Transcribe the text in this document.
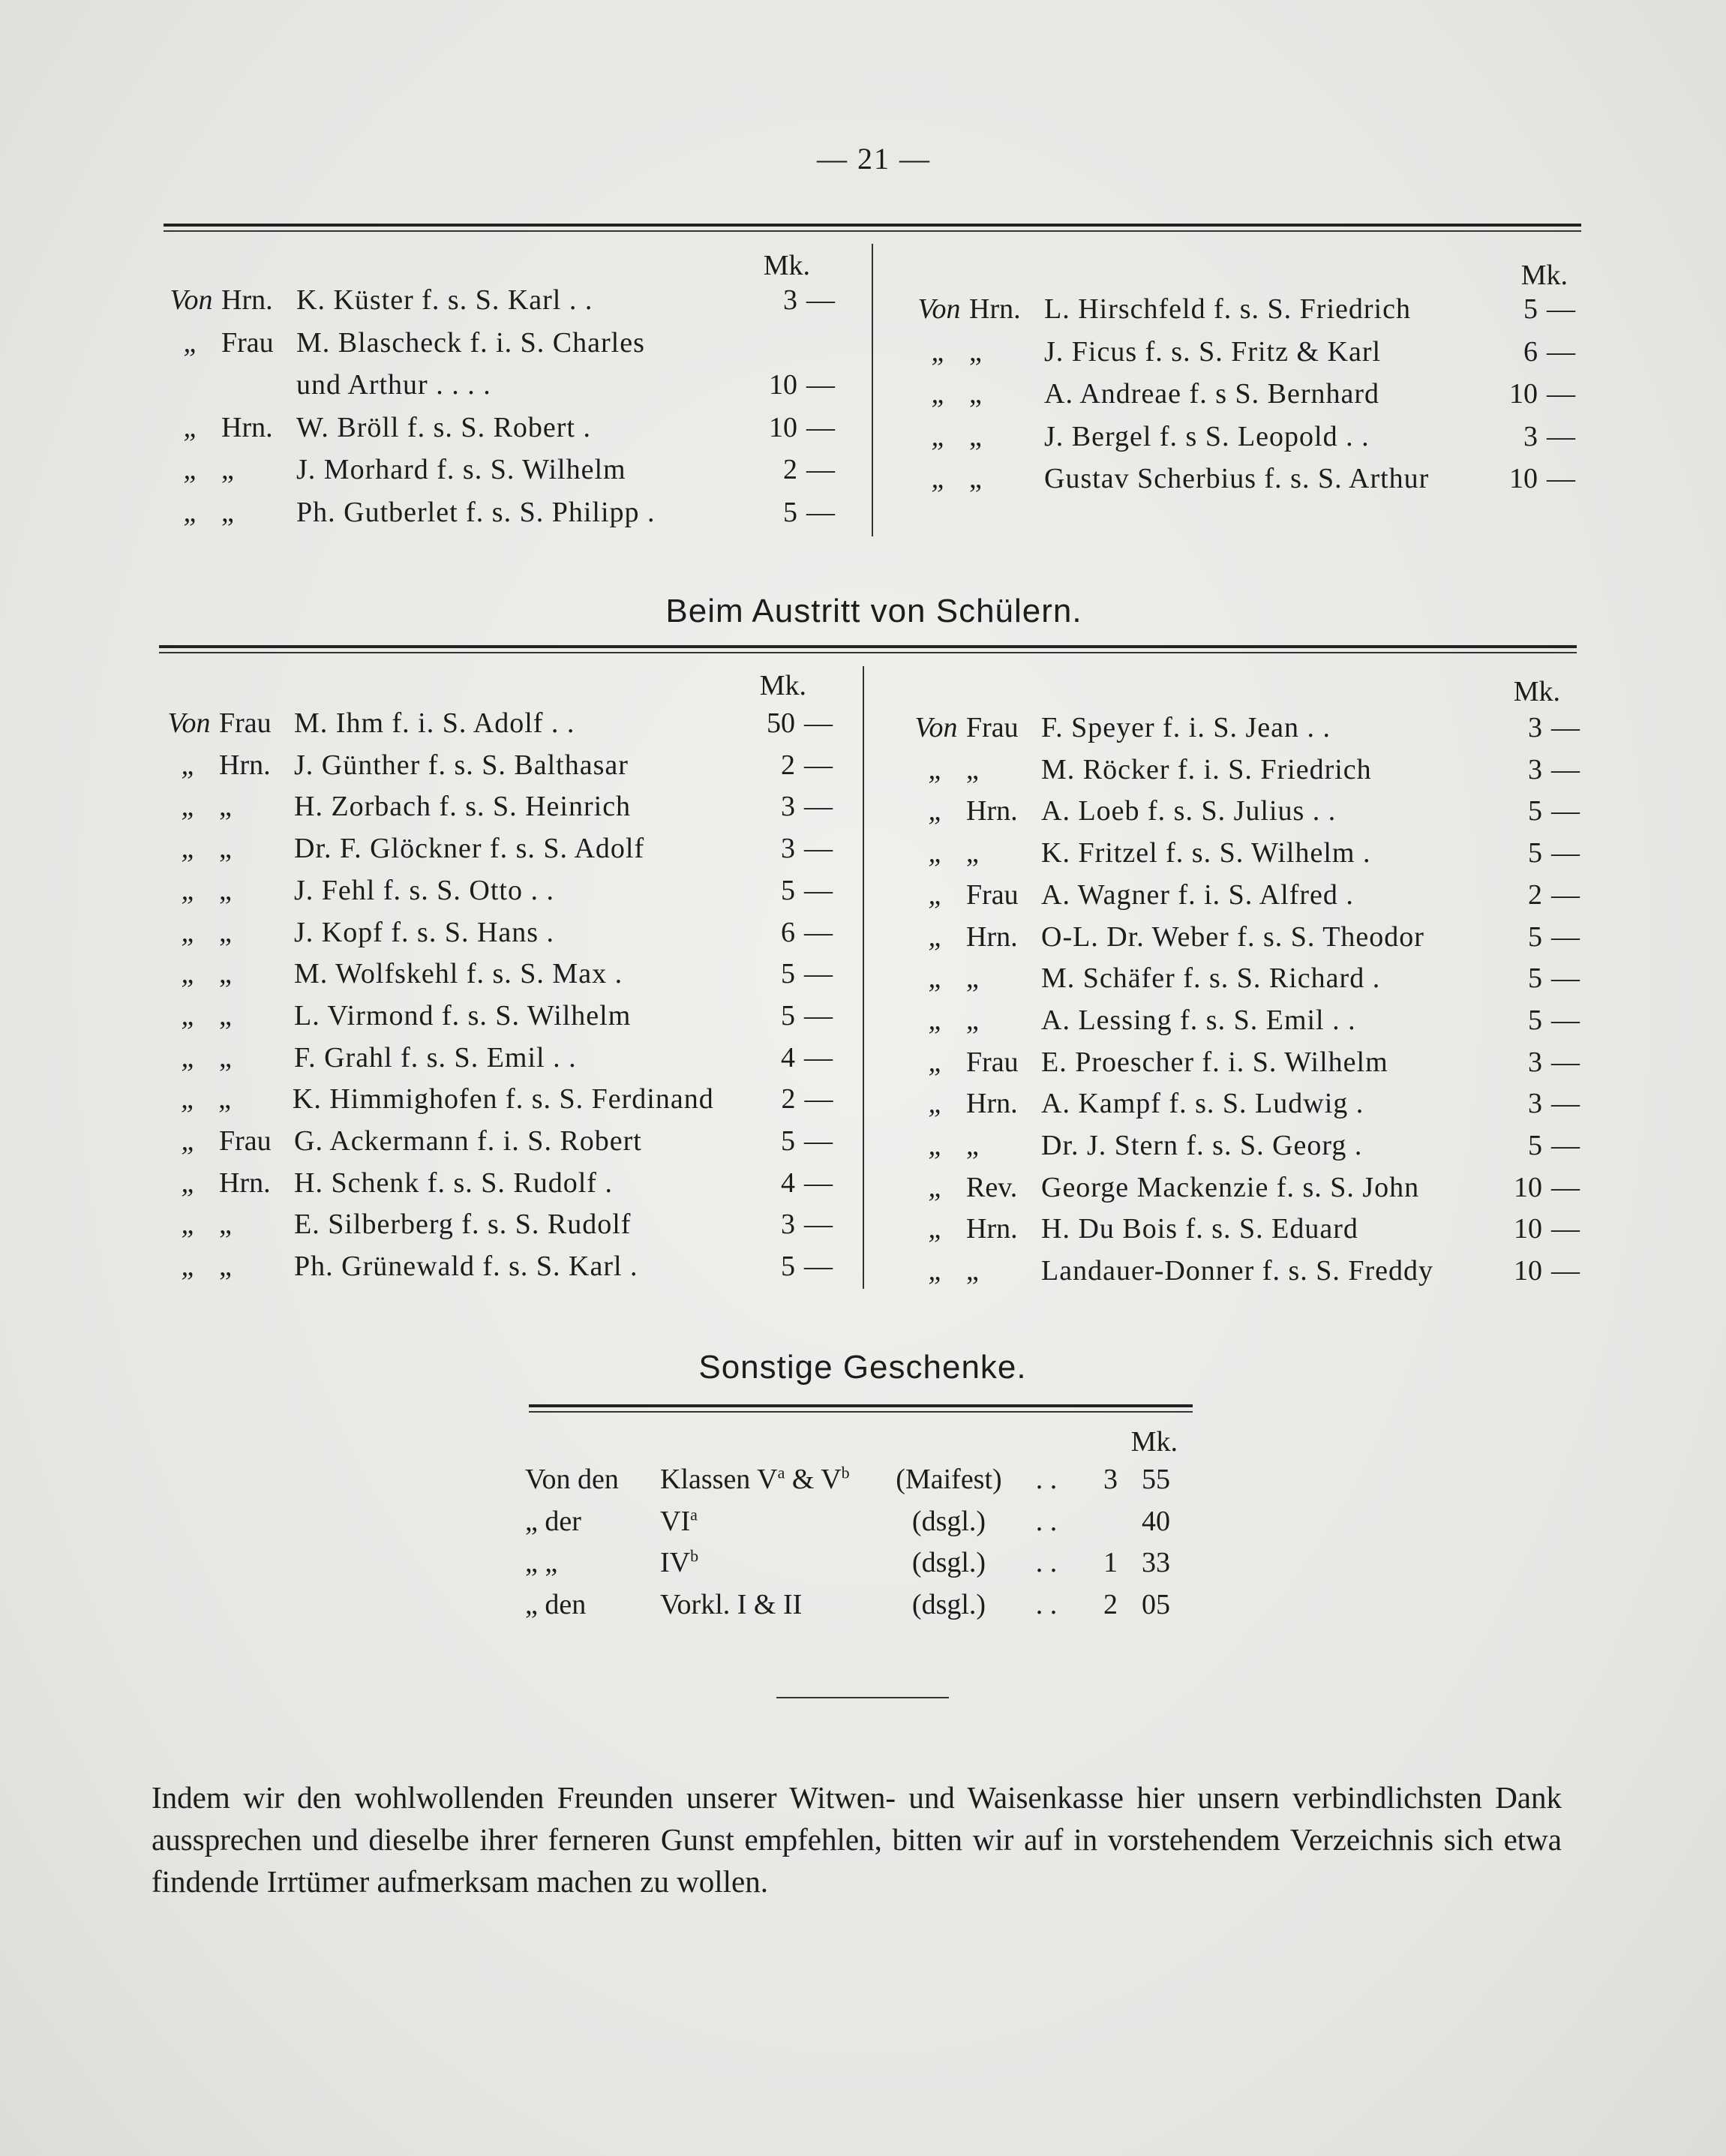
— 21 —
Mk.	Mk.
Von Hrn. K. Küster f. s. S. Karl . .	3 —
„ Frau M. Blascheck f. i. S. Charles
und Arthur . . . .	10 —
„ Hrn. W. Bröll f. s. S. Robert .	10 —
„ „	J. Morhard f. s. S. Wilhelm	2 —
„ „	Ph. Gutberlet f. s. S. Philipp .	5 —
Von Hrn. L. Hirschfeld f. s. S. Friedrich	5 —
„ „	J. Ficus f. s. S. Fritz & Karl	6 —
„ „	A. Andreae f. s S. Bernhard	10 —
„ „	J. Bergel f. s S. Leopold . .	3 —
„ „	Gustav Scherbius f. s. S. Arthur	10 —
Beim Austritt von Schülern.
Mk.	Mk.
Von Frau M. Ihm f. i. S. Adolf . .	50 —
„ Hrn. J. Günther f. s. S. Balthasar	2 —
„ „	H. Zorbach f. s. S. Heinrich	3 —
„ „	Dr. F. Glöckner f. s. S. Adolf	3 —
„ „	J. Fehl f. s. S. Otto . .	5 —
„ „	J. Kopf f. s. S. Hans .	6 —
„ „	M. Wolfskehl f. s. S. Max .	5 —
„ „	L. Virmond f. s. S. Wilhelm	5 —
„ „	F. Grahl f. s. S. Emil . .	4 —
„ „	K. Himmighofen f. s. S. Ferdinand	2 —
„ Frau G. Ackermann f. i. S. Robert	5 —
„ Hrn. H. Schenk f. s. S. Rudolf .	4 —
„ „	E. Silberberg f. s. S. Rudolf	3 —
„ „	Ph. Grünewald f. s. S. Karl .	5 —
Von Frau F. Speyer f. i. S. Jean . .	3 —
„ „	M. Röcker f. i. S. Friedrich	3 —
„ Hrn. A. Loeb f. s. S. Julius . .	5 —
„ „	K. Fritzel f. s. S. Wilhelm .	5 —
„ Frau A. Wagner f. i. S. Alfred .	2 —
„ Hrn. O-L. Dr. Weber f. s. S. Theodor	5 —
„ „	M. Schäfer f. s. S. Richard .	5 —
„ „	A. Lessing f. s. S. Emil . .	5 —
„ Frau E. Proescher f. i. S. Wilhelm	3 —
„ Hrn. A. Kampf f. s. S. Ludwig .	3 —
„ „	Dr. J. Stern f. s. S. Georg .	5 —
„ Rev. George Mackenzie f. s. S. John	10 —
„ Hrn. H. Du Bois f. s. S. Eduard	10 —
„ „	Landauer-Donner f. s. S. Freddy	10 —
Sonstige Geschenke.
Mk.
Von den	Klassen $V^a$ & $V^b$	(Maifest)	. .	3 55
„ der	$VI^a$	(dsgl.)	. .	40
„ „	$IV^b$	(dsgl.)	. .	1 33
„ den	Vorkl. I & II	(dsgl.)	. .	2 05
Indem wir den wohlwollenden Freunden unserer Witwen- und Waisenkasse hier unsern verbindlichsten Dank aussprechen und dieselbe ihrer ferneren Gunst empfehlen, bitten wir auf in vorstehendem Verzeichnis sich etwa findende Irrtümer aufmerksam machen zu wollen.
